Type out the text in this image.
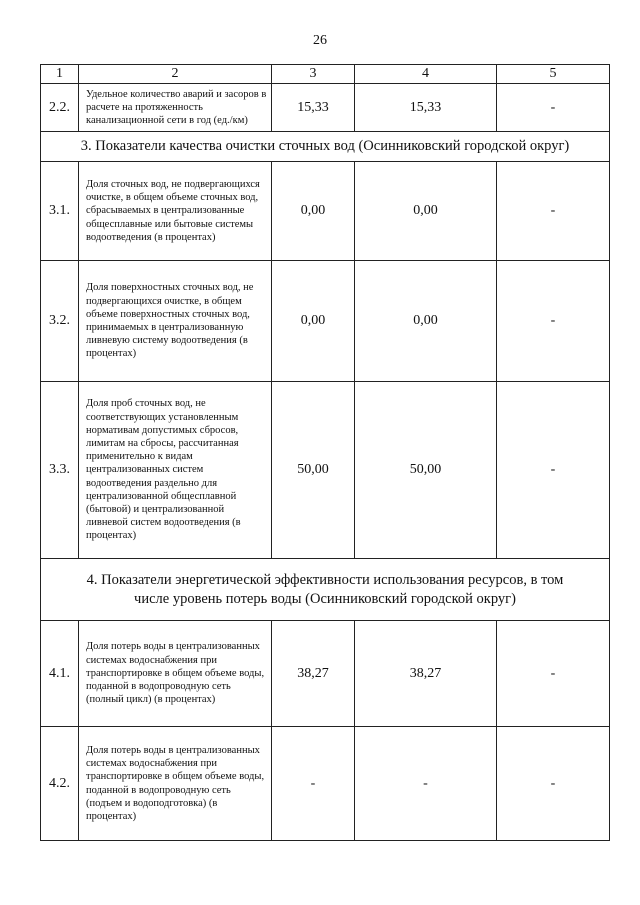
26
1	2	3	4	5
2.2.	Удельное количество аварий и засоров в расчете на протяженность канализационной сети в год (ед./км)	15,33	15,33	-
3. Показатели качества очистки сточных вод (Осинниковский городской округ)				
3.1.	Доля сточных вод, не подвергающихся очистке, в общем объеме сточных вод, сбрасываемых в централизованные общесплавные или бытовые системы водоотведения (в процентах)	0,00	0,00	-
3.2.	Доля поверхностных сточных вод, не подвергающихся очистке, в общем объеме поверхностных сточных вод, принимаемых в централизованную ливневую систему водоотведения (в процентах)	0,00	0,00	-
3.3.	Доля проб сточных вод, не соответствующих установленным нормативам допустимых сбросов, лимитам на сбросы, рассчитанная применительно к видам централизованных систем водоотведения раздельно для централизованной общесплавной (бытовой) и централизованной ливневой систем водоотведения (в процентах)	50,00	50,00	-

4. Показатели энергетической эффективности использования ресурсов, в том
числе уровень потерь воды (Осинниковский городской округ)				

4.1.	Доля потерь воды в централизованных системах водоснабжения при транспортировке в общем объеме воды, поданной в водопроводную сеть (полный цикл) (в процентах)	38,27	38,27	-
4.2.	Доля потерь воды в централизованных системах водоснабжения при транспортировке в общем объеме воды, поданной в водопроводную сеть (подъем и водоподготовка) (в процентах)	-	-	-
